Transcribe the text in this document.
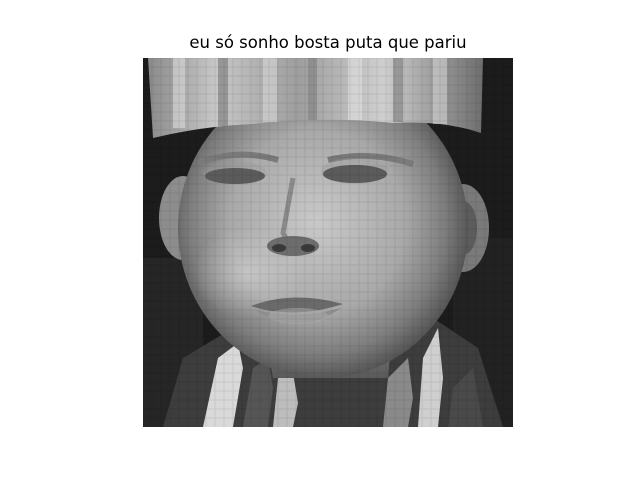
eu só sonho bosta puta que pariu
